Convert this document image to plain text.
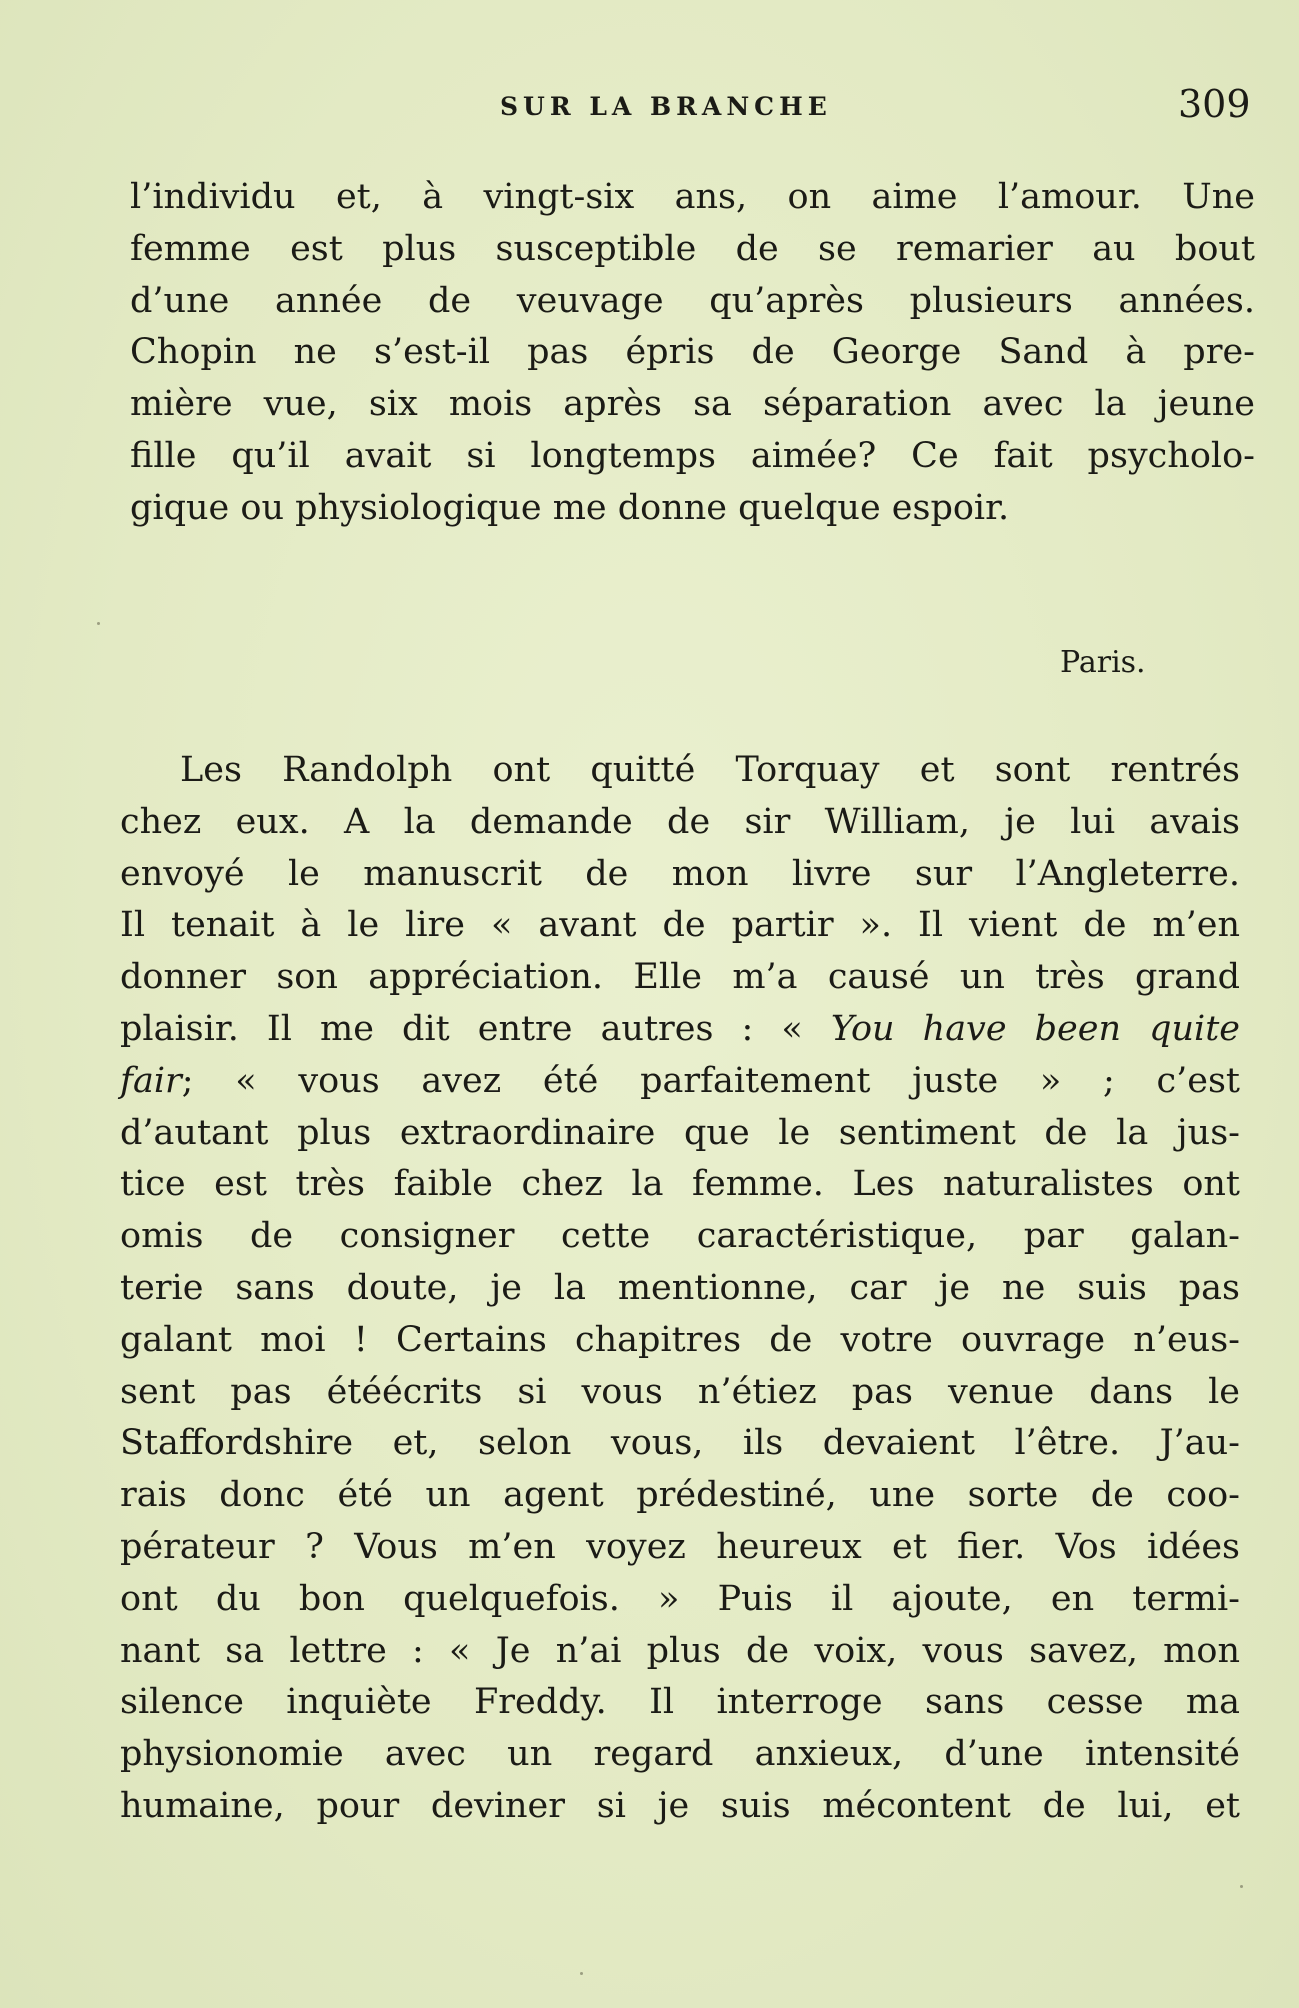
SUR LA BRANCHE	309
l’individu et, à vingt-six ans, on aime l’amour. Une
femme est plus susceptible de se remarier au bout
d’une année de veuvage qu’après plusieurs années.
Chopin ne s’est-il pas épris de George Sand à pre-
mière vue, six mois après sa séparation avec la jeune
fille qu’il avait si longtemps aimée? Ce fait psycholo-
gique ou physiologique me donne quelque espoir.
Paris.
Les Randolph ont quitté Torquay et sont rentrés
chez eux. A la demande de sir William, je lui avais
envoyé le manuscrit de mon livre sur l’Angleterre.
Il tenait à le lire « avant de partir ». Il vient de m’en
donner son appréciation. Elle m’a causé un très grand
plaisir. Il me dit entre autres : « You have been quite
fair; « vous avez été parfaitement juste » ; c’est
d’autant plus extraordinaire que le sentiment de la jus-
tice est très faible chez la femme. Les naturalistes ont
omis de consigner cette caractéristique, par galan-
terie sans doute, je la mentionne, car je ne suis pas
galant moi ! Certains chapitres de votre ouvrage n’eus-
sent pas étéécrits si vous n’étiez pas venue dans le
Staffordshire et, selon vous, ils devaient l’être. J’au-
rais donc été un agent prédestiné, une sorte de coo-
pérateur ? Vous m’en voyez heureux et fier. Vos idées
ont du bon quelquefois. » Puis il ajoute, en termi-
nant sa lettre : « Je n’ai plus de voix, vous savez, mon
silence inquiète Freddy. Il interroge sans cesse ma
physionomie avec un regard anxieux, d’une intensité
humaine, pour deviner si je suis mécontent de lui, et
